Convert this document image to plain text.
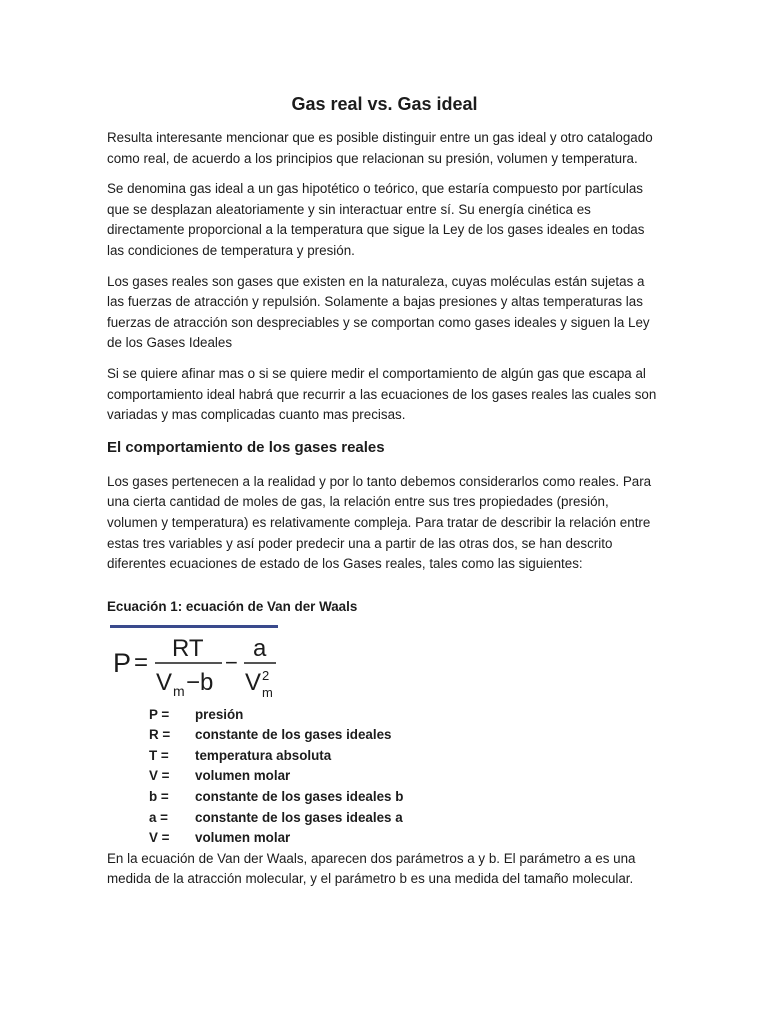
Gas real vs. Gas ideal

Resulta interesante mencionar que es posible distinguir entre un gas ideal y otro catalogado como real, de acuerdo a los principios que relacionan su presión, volumen y temperatura.

Se denomina gas ideal a un gas hipotético o teórico, que estaría compuesto por partículas que se desplazan aleatoriamente y sin interactuar entre sí. Su energía cinética es directamente proporcional a la temperatura que sigue la Ley de los gases ideales en todas las condiciones de temperatura y presión.

Los gases reales son gases que existen en la naturaleza, cuyas moléculas están sujetas a las fuerzas de atracción y repulsión. Solamente a bajas presiones y altas temperaturas las fuerzas de atracción son despreciables y se comportan como gases ideales y siguen la Ley de los Gases Ideales

Si se quiere afinar mas o si se quiere medir el comportamiento de algún gas que escapa al comportamiento ideal habrá que recurrir a las ecuaciones de los gases reales las cuales son variadas y mas complicadas cuanto mas precisas.

El comportamiento de los gases reales

Los gases pertenecen a la realidad y por lo tanto debemos considerarlos como reales. Para una cierta cantidad de moles de gas, la relación entre sus tres propiedades (presión, volumen y temperatura) es relativamente compleja. Para tratar de describir la relación entre estas tres variables y así poder predecir una a partir de las otras dos, se han descrito diferentes ecuaciones de estado de los Gases reales, tales como las siguientes:

Ecuación 1: ecuación de Van der Waals
P =
RT
V m −b
−
a
V 2
m
P =	presión
R =	constante de los gases ideales
T =	temperatura absoluta
V =	volumen molar
b =	constante de los gases ideales b
a =	constante de los gases ideales a
V =	volumen molar

En la ecuación de Van der Waals, aparecen dos parámetros a y b. El parámetro a es una medida de la atracción molecular, y el parámetro b es una medida del tamaño molecular.
